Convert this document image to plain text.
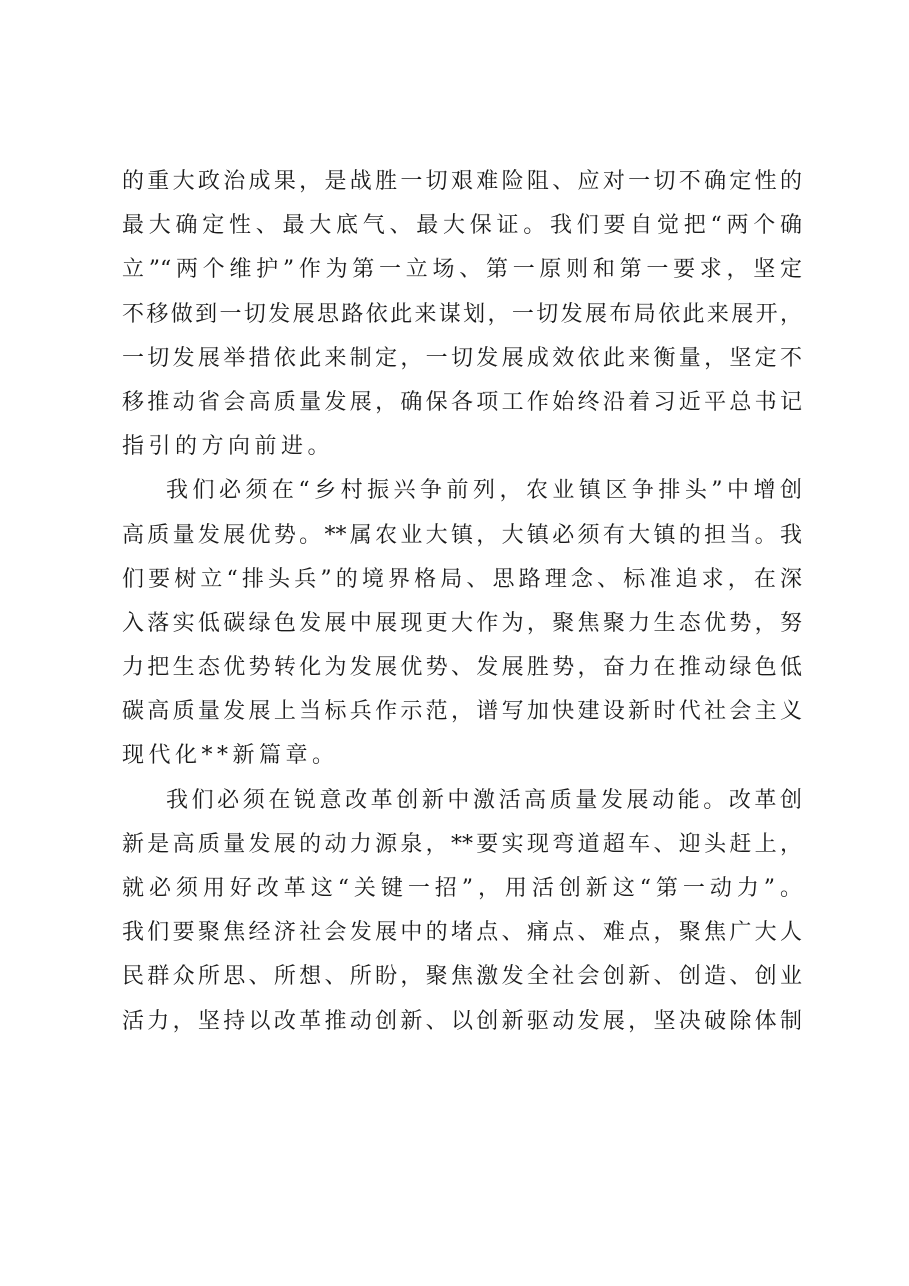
的重大政治成果，是战胜一切艰难险阻、应对一切不确定性的
最大确定性、最大底气、最大保证。我们要自觉把“两个确
立”“两个维护”作为第一立场、第一原则和第一要求，坚定
不移做到一切发展思路依此来谋划，一切发展布局依此来展开，
一切发展举措依此来制定，一切发展成效依此来衡量，坚定不
移推动省会高质量发展，确保各项工作始终沿着习近平总书记
指引的方向前进。
我们必须在“乡村振兴争前列，农业镇区争排头”中增创
高质量发展优势。**属农业大镇，大镇必须有大镇的担当。我
们要树立“排头兵”的境界格局、思路理念、标准追求，在深
入落实低碳绿色发展中展现更大作为，聚焦聚力生态优势，努
力把生态优势转化为发展优势、发展胜势，奋力在推动绿色低
碳高质量发展上当标兵作示范，谱写加快建设新时代社会主义
现代化**新篇章。
我们必须在锐意改革创新中激活高质量发展动能。改革创
新是高质量发展的动力源泉，**要实现弯道超车、迎头赶上，
就必须用好改革这“关键一招”，用活创新这“第一动力”。
我们要聚焦经济社会发展中的堵点、痛点、难点，聚焦广大人
民群众所思、所想、所盼，聚焦激发全社会创新、创造、创业
活力，坚持以改革推动创新、以创新驱动发展，坚决破除体制
